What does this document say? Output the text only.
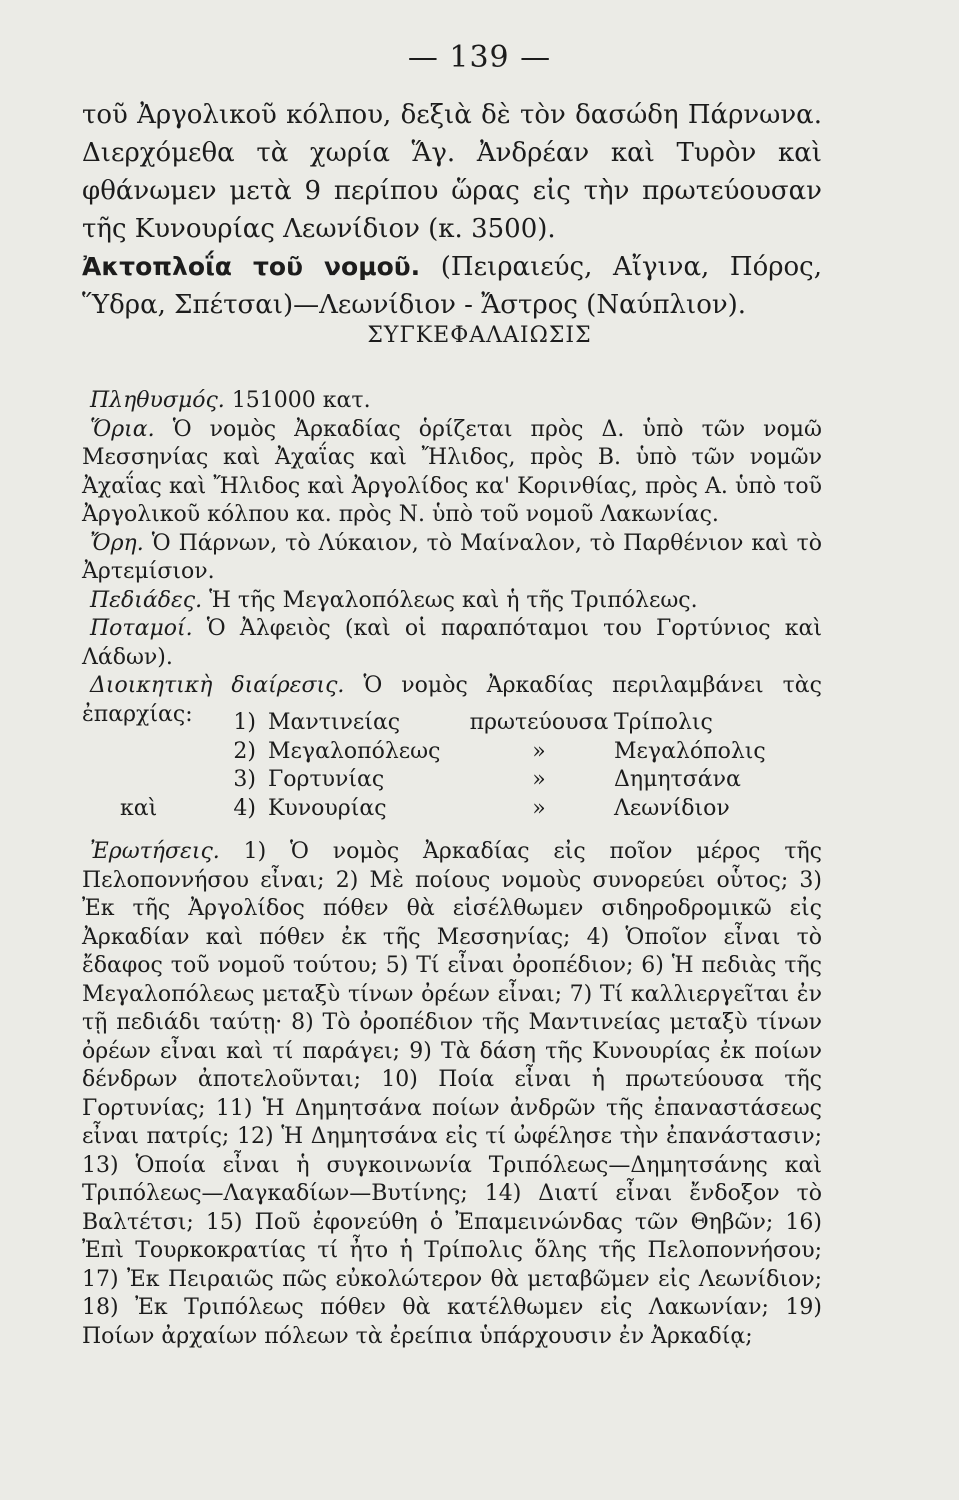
— 139 —

τοῦ Ἀργολικοῦ κόλπου, δεξιὰ δὲ τὸν δασώδη Πάρνωνα. Διερχόμεθα τὰ χωρία Ἅγ. Ἀνδρέαν καὶ Τυρὸν καὶ φθάνωμεν μετὰ 9 περίπου ὥρας εἰς τὴν πρωτεύουσαν τῆς Κυνουρίας Λεωνίδιον (κ. 3500).

Ἀκτοπλοΐα τοῦ νομοῦ. (Πειραιεύς, Αἴγινα, Πόρος, Ὕδρα, Σπέτσαι)—Λεωνίδιον - Ἄστρος (Ναύπλιον).

ΣΥΓΚΕΦΑΛΑΙΩΣΙΣ

Πληθυσμός. 151000 κατ.

Ὅρια. Ὁ νομὸς Ἀρκαδίας ὁρίζεται πρὸς Δ. ὑπὸ τῶν νομῶ Μεσσηνίας καὶ Ἀχαΐας καὶ Ἤλιδος, πρὸς Β. ὑπὸ τῶν νομῶν Ἀχαΐας καὶ Ἤλιδος καὶ Ἀργολίδος κα' Κορινθίας, πρὸς Α. ὑπὸ τοῦ Ἀργολικοῦ κόλπου κα. πρὸς Ν. ὑπὸ τοῦ νομοῦ Λακωνίας.

Ὄρη. Ὁ Πάρνων, τὸ Λύκαιον, τὸ Μαίναλον, τὸ Παρθένιον καὶ τὸ Ἀρτεμίσιον.

Πεδιάδες. Ἡ τῆς Μεγαλοπόλεως καὶ ἡ τῆς Τριπόλεως.

Ποταμοί. Ὁ Ἀλφειὸς (καὶ οἱ παραπόταμοι του Γορτύνιος καὶ Λάδων).

Διοικητικὴ διαίρεσις. Ὁ νομὸς Ἀρκαδίας περιλαμβάνει τὰς ἐπαρχίας:

		1)	Μαντινείας	πρωτεύουσα	Τρίπολις
	2)	Μεγαλοπόλεως	»	Μεγαλόπολις
	3)	Γορτυνίας	»	Δημητσάνα
καὶ	4)	Κυνουρίας	»	Λεωνίδιον

Ἐρωτήσεις. 1) Ὁ νομὸς Ἀρκαδίας εἰς ποῖον μέρος τῆς Πελοποννήσου εἶναι; 2) Μὲ ποίους νομοὺς συνορεύει οὗτος; 3) Ἐκ τῆς Ἀργολίδος πόθεν θὰ εἰσέλθωμεν σιδηροδρομικῶ εἰς Ἀρκαδίαν καὶ πόθεν ἐκ τῆς Μεσσηνίας; 4) Ὁποῖον εἶναι τὸ ἔδαφος τοῦ νομοῦ τούτου; 5) Τί εἶναι ὀροπέδιον; 6) Ἡ πεδιὰς τῆς Μεγαλοπόλεως μεταξὺ τίνων ὀρέων εἶναι; 7) Τί καλλιεργεῖται ἐν τῇ πεδιάδι ταύτῃ· 8) Τὸ ὀροπέδιον τῆς Μαντινείας μεταξὺ τίνων ὀρέων εἶναι καὶ τί παράγει; 9) Τὰ δάση τῆς Κυνουρίας ἐκ ποίων δένδρων ἀποτελοῦνται; 10) Ποία εἶναι ἡ πρωτεύουσα τῆς Γορτυνίας; 11) Ἡ Δημητσάνα ποίων ἀνδρῶν τῆς ἐπαναστάσεως εἶναι πατρίς; 12) Ἡ Δημητσάνα εἰς τί ὠφέλησε τὴν ἐπανάστασιν; 13) Ὁποία εἶναι ἡ συγκοινωνία Τριπόλεως—Δημητσάνης καὶ Τριπόλεως—Λαγκαδίων—Βυτίνης; 14) Διατί εἶναι ἔνδοξον τὸ Βαλτέτσι; 15) Ποῦ ἐφονεύθη ὁ Ἐπαμεινώνδας τῶν Θηβῶν; 16) Ἐπὶ Τουρκοκρατίας τί ἦτο ἡ Τρίπολις ὅλης τῆς Πελοποννήσου; 17) Ἐκ Πειραιῶς πῶς εὐκολώτερον θὰ μεταβῶμεν εἰς Λεωνίδιον; 18) Ἐκ Τριπόλεως πόθεν θὰ κατέλθωμεν εἰς Λακωνίαν; 19) Ποίων ἀρχαίων πόλεων τὰ ἐρείπια ὑπάρχουσιν ἐν Ἀρκαδίᾳ;
